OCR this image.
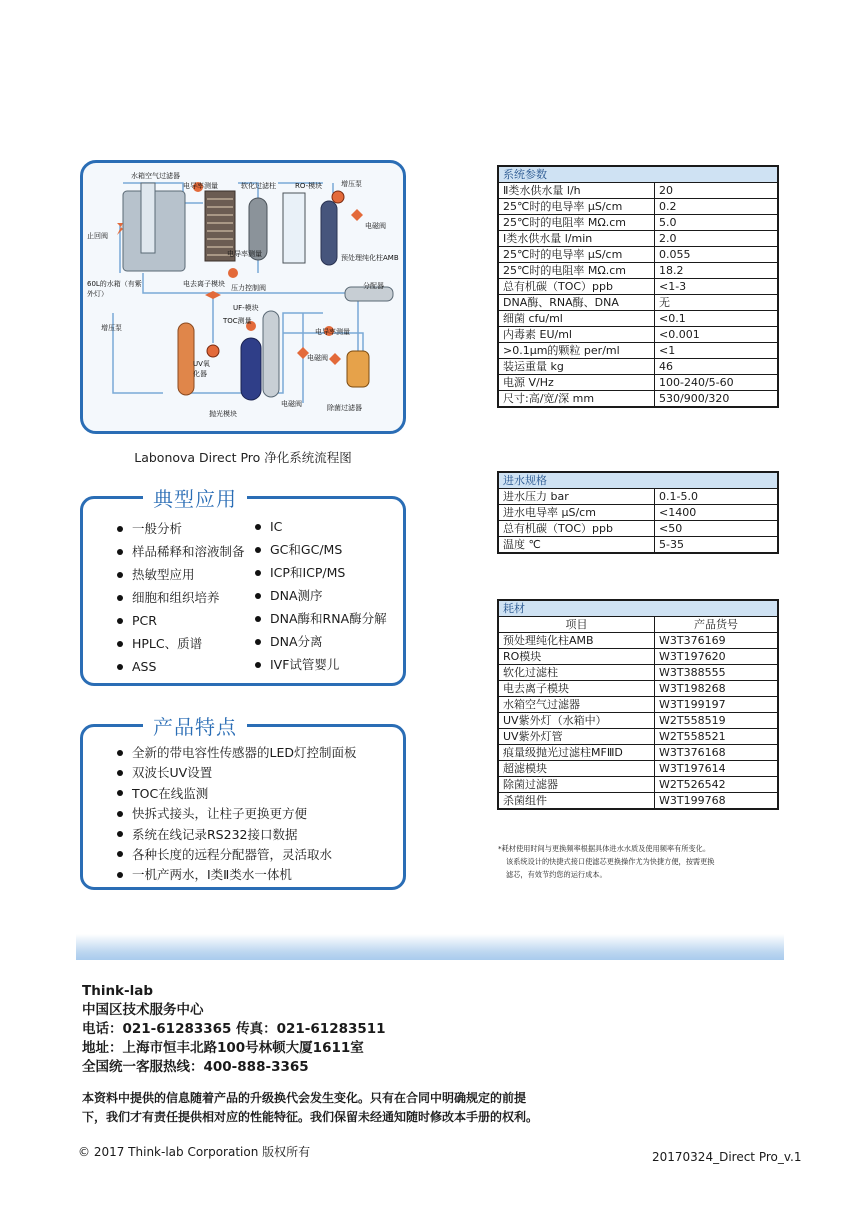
水箱空气过滤器
电导率测量	软化过滤柱	RO-模块	增压泵
电磁阀
止回阀
电导率测量	预处理纯化柱AMB
60L的水箱（有紫外灯）
电去离子模块 压力控制阀	分配器
UF-模块
TOC测量
增压泵	电导率测量
UV氧化器
电磁阀
抛光模块
电磁阀	除菌过滤器
Labonova Direct Pro 净化系统流程图
典型应用
一般分析
样品稀释和溶液制备
热敏型应用
细胞和组织培养
PCR
HPLC、质谱
ASS
IC
GC和GC/MS
ICP和ICP/MS
DNA测序
DNA酶和RNA酶分解
DNA分离
IVF试管婴儿
产品特点
全新的带电容性传感器的LED灯控制面板
双波长UV设置
TOC在线监测
快拆式接头，让柱子更换更方便
系统在线记录RS232接口数据
各种长度的远程分配器管，灵活取水
一机产两水，Ⅰ类Ⅱ类水一体机
系统参数	
Ⅱ类水供水量 l/h	20
25℃时的电导率 μS/cm	0.2
25℃时的电阻率 MΩ.cm	5.0
Ⅰ类水供水量 l/min	2.0
25℃时的电导率 μS/cm	0.055
25℃时的电阻率 MΩ.cm	18.2
总有机碳（TOC）ppb	<1-3
DNA酶、RNA酶、DNA	无
细菌 cfu/ml	<0.1
内毒素 EU/ml	<0.001
>0.1μm的颗粒 per/ml	<1
装运重量 kg	46
电源 V/Hz	100-240/5-60
尺寸:高/宽/深 mm	530/900/320
进水规格	
进水压力 bar	0.1-5.0
进水电导率 μS/cm	<1400
总有机碳（TOC）ppb	<50
温度 ℃	5-35
耗材	
项目	产品货号
预处理纯化柱AMB	W3T376169
RO模块	W3T197620
软化过滤柱	W3T388555
电去离子模块	W3T198268
水箱空气过滤器	W3T199197
UV紫外灯（水箱中）	W2T558519
UV紫外灯管	W2T558521
痕量级抛光过滤柱MFⅢD	W3T376168
超滤模块	W3T197614
除菌过滤器	W2T526542
杀菌组件	W3T199768
*耗材使用时间与更换频率根据具体进水水质及使用频率有所变化。
该系统设计的快捷式接口使滤芯更换操作尤为快捷方便，按需更换
滤芯，有效节约您的运行成本。
Think-lab
中国区技术服务中心
电话：021-61283365 传真：021-61283511
地址：上海市恒丰北路100号林顿大厦1611室
全国统一客服热线：400-888-3365
本资料中提供的信息随着产品的升级换代会发生变化。只有在合同中明确规定的前提
下，我们才有责任提供相对应的性能特征。我们保留未经通知随时修改本手册的权利。
© 2017 Think-lab Corporation 版权所有	20170324_Direct Pro_v.1
